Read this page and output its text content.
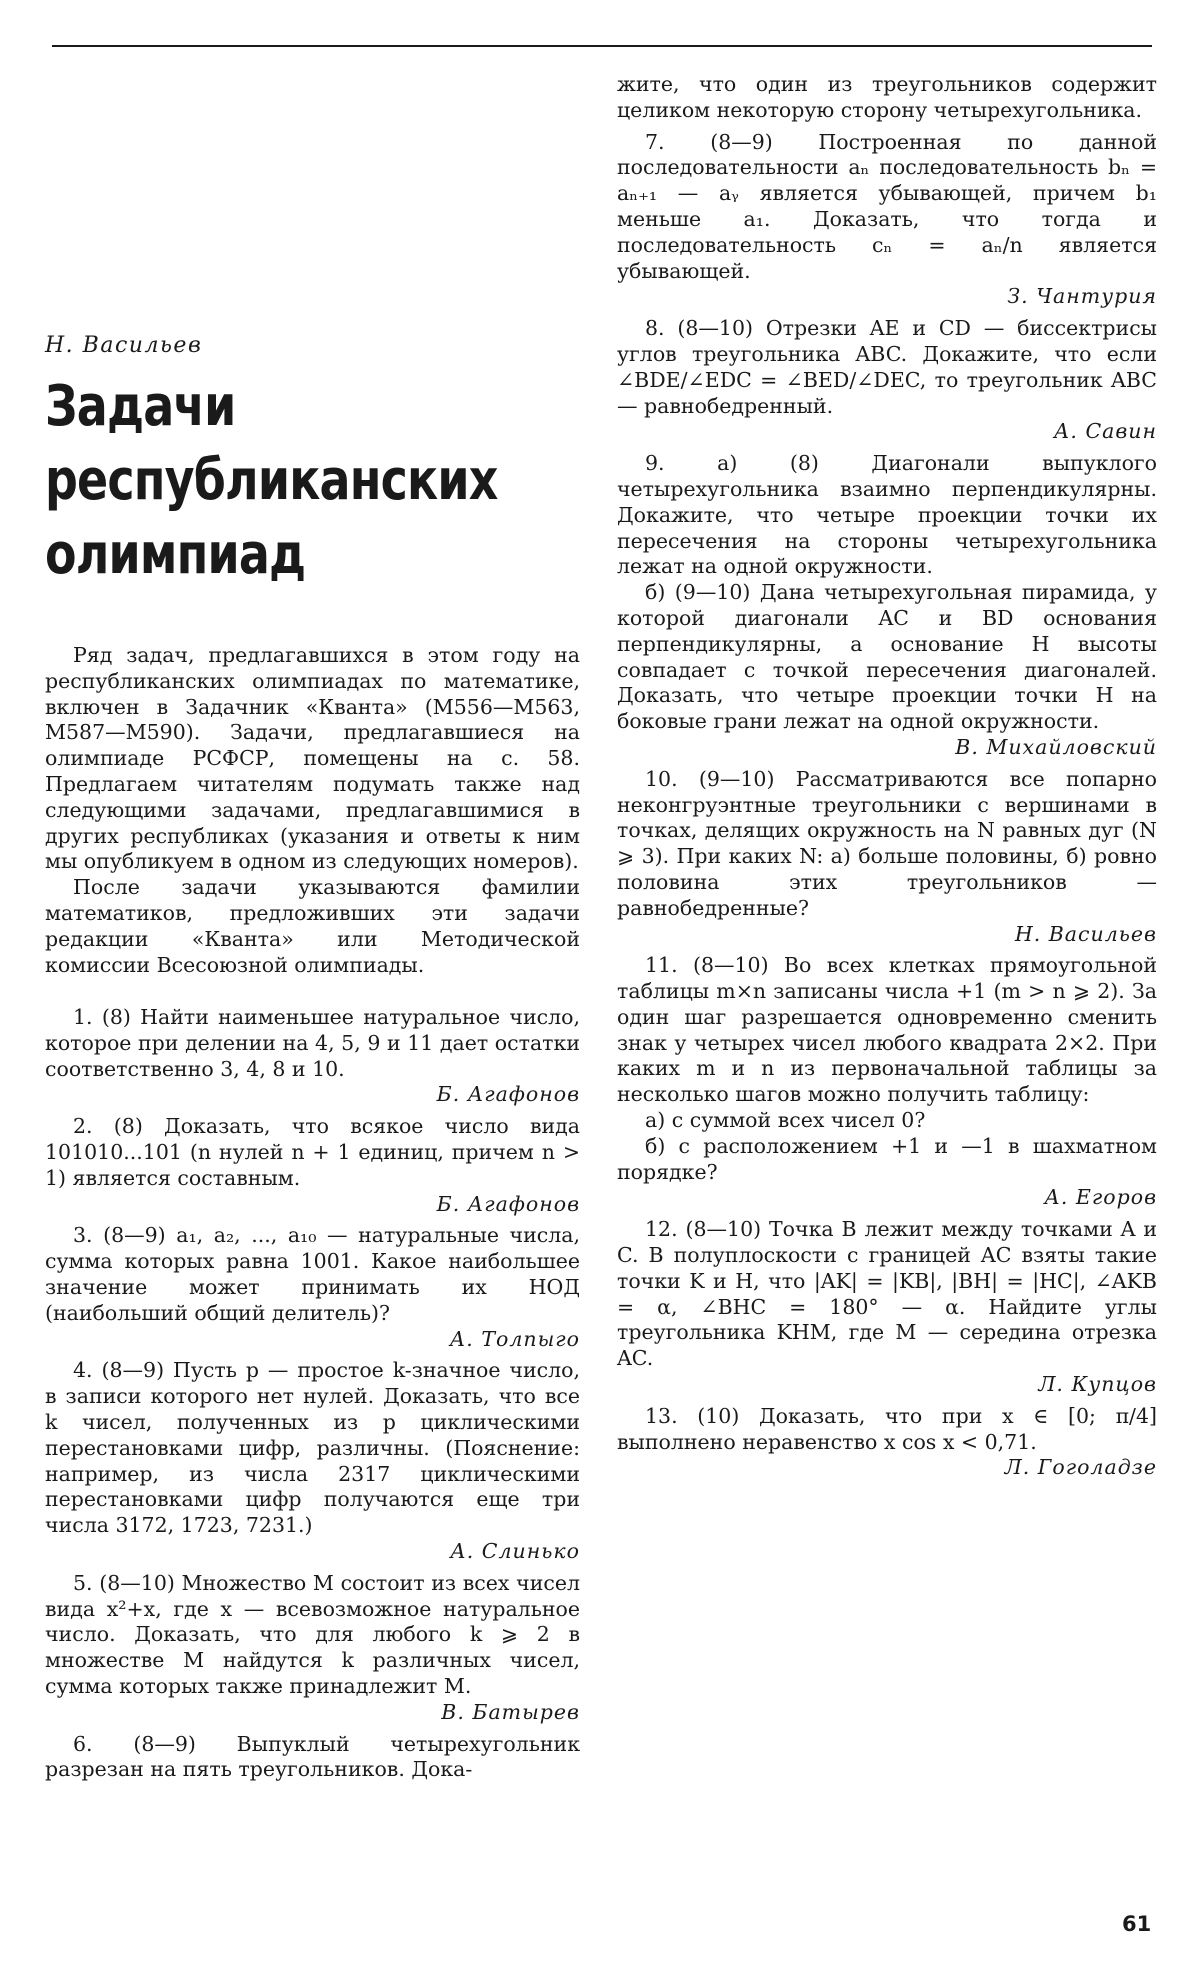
Н. Васильев
Задачи
республиканских
олимпиад

Ряд задач, предлагавшихся в этом году на республиканских олимпиадах по математике, включен в Задачник «Кванта» (М556—М563, М587—М590). Задачи, предлагавшиеся на олимпиаде РСФСР, помещены на с. 58. Предлагаем читателям подумать также над следующими задачами, предлагавшимися в других республиках (указания и ответы к ним мы опубликуем в одном из следующих номеров).

После задачи указываются фамилии математиков, предложивших эти задачи редакции «Кванта» или Методической комиссии Всесоюзной олимпиады.

1. (8) Найти наименьшее натуральное число, которое при делении на 4, 5, 9 и 11 дает остатки соответственно 3, 4, 8 и 10.

Б. Агафонов

2. (8) Доказать, что всякое число вида 101010...101 (n нулей n + 1 единиц, причем n > 1) является составным.

Б. Агафонов

3. (8—9) a₁, a₂, ..., a₁₀ — натуральные числа, сумма которых равна 1001. Какое наибольшее значение может принимать их НОД (наибольший общий делитель)?

А. Толпыго

4. (8—9) Пусть p — простое k-значное число, в записи которого нет нулей. Доказать, что все k чисел, полученных из p циклическими перестановками цифр, различны. (Пояснение: например, из числа 2317 циклическими перестановками цифр получаются еще три числа 3172, 1723, 7231.)

А. Слинько

5. (8—10) Множество M состоит из всех чисел вида x²+x, где x — всевозможное натуральное число. Доказать, что для любого k ⩾ 2 в множестве M найдутся k различных чисел, сумма которых также принадлежит M.

В. Батырев

6. (8—9) Выпуклый четырехугольник разрезан на пять треугольников. Дока-

жите, что один из треугольников содержит целиком некоторую сторону четырехугольника.

7. (8—9) Построенная по данной последовательности aₙ последовательность bₙ = aₙ₊₁ — aᵧ является убывающей, причем b₁ меньше a₁. Доказать, что тогда и последовательность cₙ = aₙ/n является убывающей.

З. Чантурия

8. (8—10) Отрезки AE и CD — биссектрисы углов треугольника ABC. Докажите, что если ∠BDE/∠EDC = ∠BED/∠DEC, то треугольник ABC — равнобедренный.

А. Савин

9. а) (8) Диагонали выпуклого четырехугольника взаимно перпендикулярны. Докажите, что четыре проекции точки их пересечения на стороны четырехугольника лежат на одной окружности.

б) (9—10) Дана четырехугольная пирамида, у которой диагонали AC и BD основания перпендикулярны, а основание H высоты совпадает с точкой пересечения диагоналей. Доказать, что четыре проекции точки H на боковые грани лежат на одной окружности.

В. Михайловский

10. (9—10) Рассматриваются все попарно неконгруэнтные треугольники с вершинами в точках, делящих окружность на N равных дуг (N ⩾ 3). При каких N: а) больше половины, б) ровно половина этих треугольников — равнобедренные?

Н. Васильев

11. (8—10) Во всех клетках прямоугольной таблицы m×n записаны числа +1 (m > n ⩾ 2). За один шаг разрешается одновременно сменить знак у четырех чисел любого квадрата 2×2. При каких m и n из первоначальной таблицы за несколько шагов можно получить таблицу:

а) с суммой всех чисел 0?

б) с расположением +1 и —1 в шахматном порядке?

А. Егоров

12. (8—10) Точка B лежит между точками A и C. В полуплоскости с границей AC взяты такие точки K и H, что |AK| = |KB|, |BH| = |HC|, ∠AKB = α, ∠BHC = 180° — α. Найдите углы треугольника KHM, где M — середина отрезка AC.

Л. Купцов

13. (10) Доказать, что при x ∈ [0; π/4] выполнено неравенство x cos x < 0,71.

Л. Гоголадзе
61
